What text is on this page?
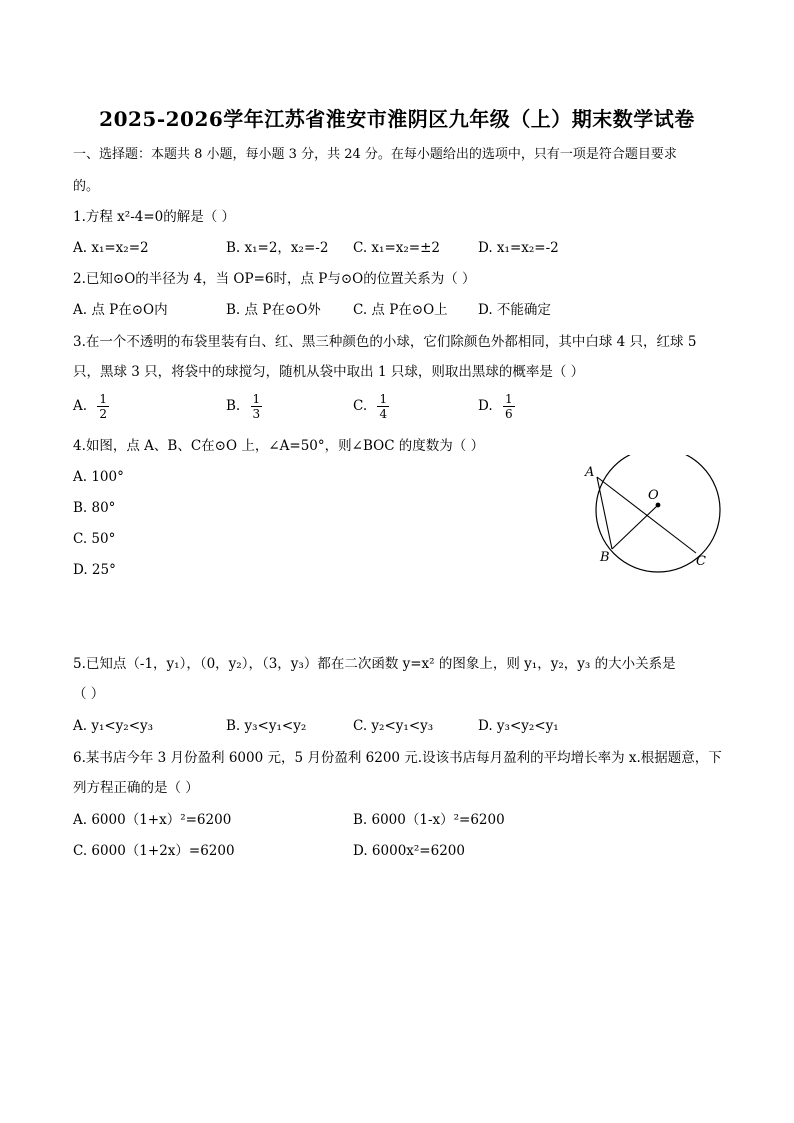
2025-2026学年江苏省淮安市淮阴区九年级（上）期末数学试卷
一、选择题：本题共 8 小题，每小题 3 分，共 24 分。在每小题给出的选项中，只有一项是符合题目要求
的。
1.方程 x²-4=0的解是（ ）
A. x₁=x₂=2	B. x₁=2，x₂=-2 C. x₁=x₂=±2	D. x₁=x₂=-2
2.已知⊙O的半径为 4，当 OP=6时，点 P与⊙O的位置关系为（ ）
A. 点 P在⊙O内	B. 点 P在⊙O外 C. 点 P在⊙O上 D. 不能确定
3.在一个不透明的布袋里装有白、红、黑三种颜色的小球，它们除颜色外都相同，其中白球 4 只，红球 5
只，黑球 3 只，将袋中的球搅匀，随机从袋中取出 1 只球，则取出黑球的概率是（ ）
A. $\frac{1}{2}$	B. $\frac{1}{3}$	C. $\frac{1}{4}$	D. $\frac{1}{6}$
4.如图，点 A、B、C在⊙O 上，∠A=50°，则∠BOC 的度数为（ ）
A. 100°
B. 80°
C. 50°
D. 25°
A
O
B	C
5.已知点（-1，y₁），（0，y₂），（3，y₃）都在二次函数 y=x² 的图象上，则 y₁，y₂，y₃ 的大小关系是
（ ）
A. y₁<y₂<y₃	B. y₃<y₁<y₂	C. y₂<y₁<y₃	D. y₃<y₂<y₁
6.某书店今年 3 月份盈利 6000 元，5 月份盈利 6200 元.设该书店每月盈利的平均增长率为 x.根据题意，下
列方程正确的是（ ）
A. 6000（1+x）²=6200	B. 6000（1-x）²=6200
C. 6000（1+2x）=6200	D. 6000x²=6200
